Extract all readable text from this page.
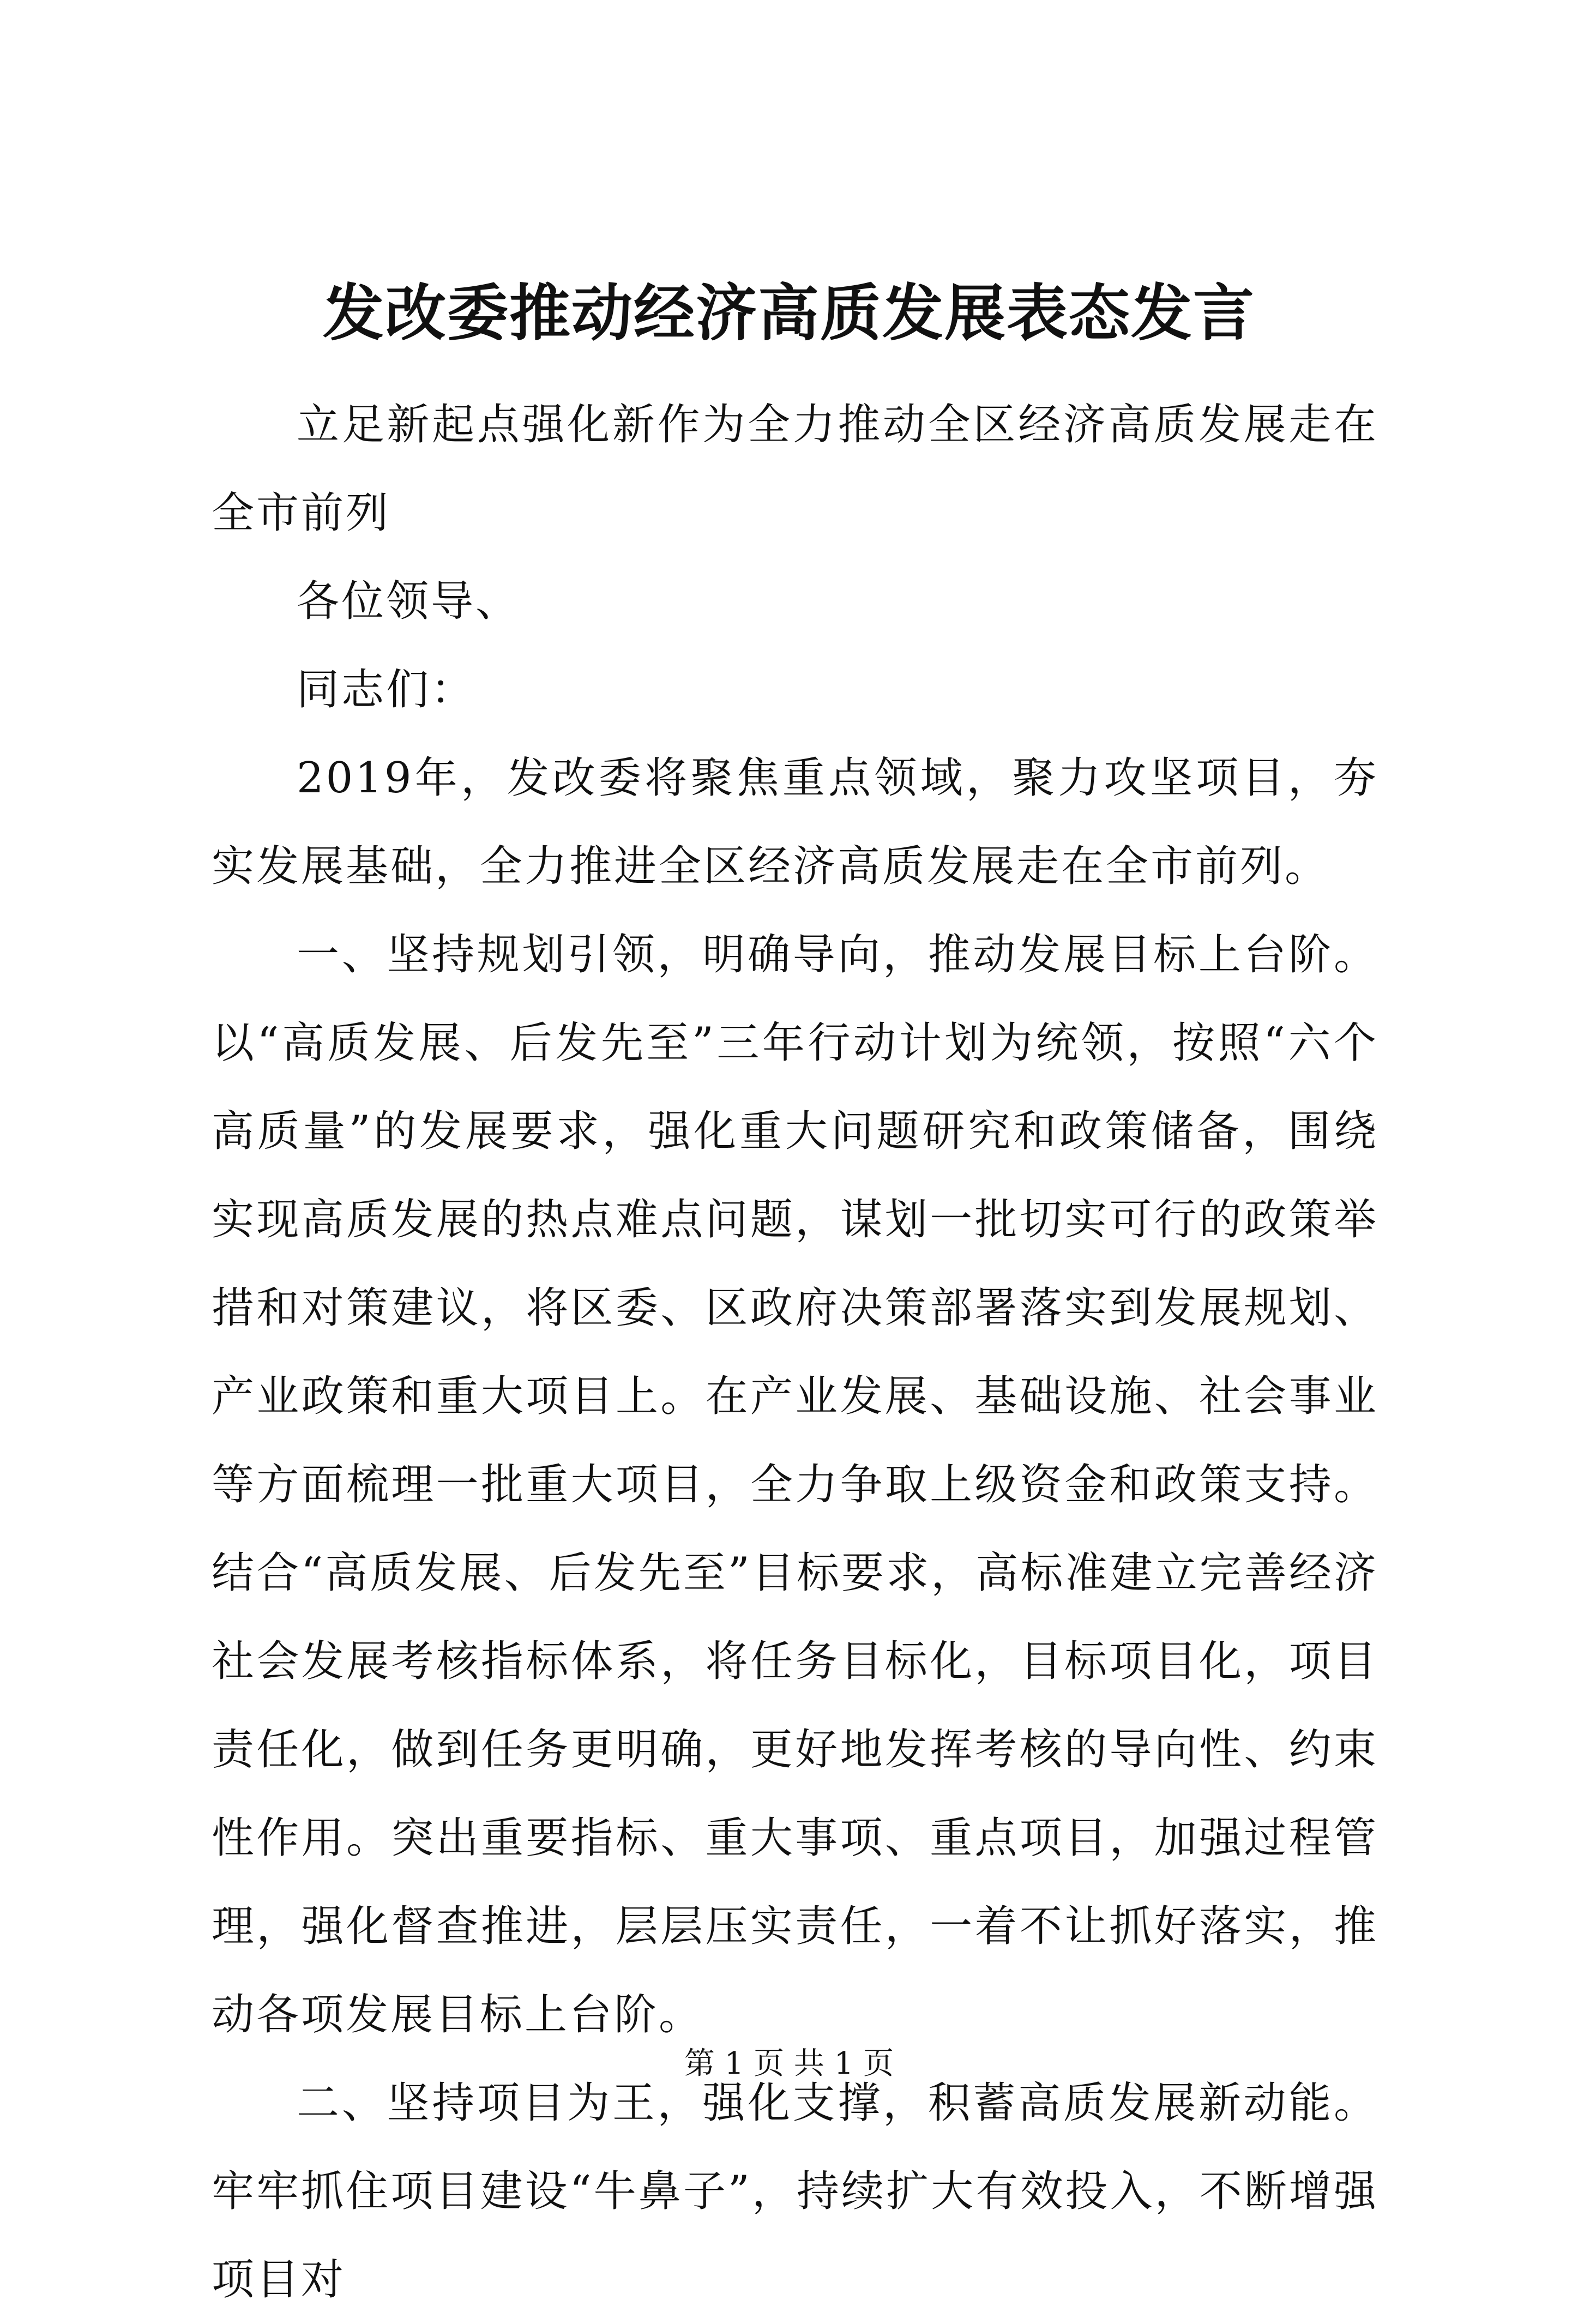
发改委推动经济高质发展表态发言

立足新起点强化新作为全力推动全区经济高质发展走在全市前列

各位领导、

同志们：

2019年，发改委将聚焦重点领域，聚力攻坚项目，夯实发展基础，全力推进全区经济高质发展走在全市前列。

一、坚持规划引领，明确导向，推动发展目标上台阶。以“高质发展、后发先至”三年行动计划为统领，按照“六个高质量”的发展要求，强化重大问题研究和政策储备，围绕实现高质发展的热点难点问题，谋划一批切实可行的政策举措和对策建议，将区委、区政府决策部署落实到发展规划、产业政策和重大项目上。在产业发展、基础设施、社会事业等方面梳理一批重大项目，全力争取上级资金和政策支持。结合“高质发展、后发先至”目标要求，高标准建立完善经济社会发展考核指标体系，将任务目标化，目标项目化，项目责任化，做到任务更明确，更好地发挥考核的导向性、约束性作用。突出重要指标、重大事项、重点项目，加强过程管理，强化督查推进，层层压实责任，一着不让抓好落实，推动各项发展目标上台阶。

二、坚持项目为王，强化支撑，积蓄高质发展新动能。牢牢抓住项目建设“牛鼻子”，持续扩大有效投入，不断增强项目对

第 1 页 共 1 页
